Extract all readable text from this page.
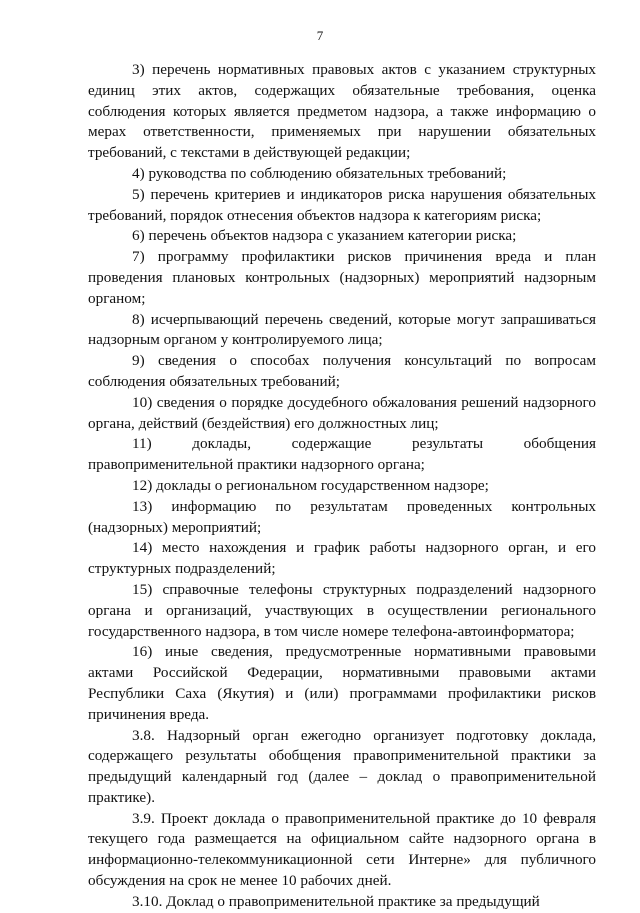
7

3) перечень нормативных правовых актов с указанием структурных единиц этих актов, содержащих обязательные требования, оценка соблюдения которых является предметом надзора, а также информацию о мерах ответственности, применяемых при нарушении обязательных требований, с текстами в действующей редакции;

4) руководства по соблюдению обязательных требований;

5) перечень критериев и индикаторов риска нарушения обязательных требований, порядок отнесения объектов надзора к категориям риска;

6) перечень объектов надзора с указанием категории риска;

7) программу профилактики рисков причинения вреда и план проведения плановых контрольных (надзорных) мероприятий надзорным органом;

8) исчерпывающий перечень сведений, которые могут запрашиваться надзорным органом у контролируемого лица;

9) сведения о способах получения консультаций по вопросам соблюдения обязательных требований;

10) сведения о порядке досудебного обжалования решений надзорного органа, действий (бездействия) его должностных лиц;

11) доклады, содержащие результаты обобщения правоприменительной практики надзорного органа;

12) доклады о региональном государственном надзоре;

13) информацию по результатам проведенных контрольных (надзорных) мероприятий;

14) место нахождения и график работы надзорного орган, и его структурных подразделений;

15) справочные телефоны структурных подразделений надзорного органа и организаций, участвующих в осуществлении регионального государственного надзора, в том числе номере телефона-автоинформатора;

16) иные сведения, предусмотренные нормативными правовыми актами Российской Федерации, нормативными правовыми актами Республики Саха (Якутия) и (или) программами профилактики рисков причинения вреда.

3.8. Надзорный орган ежегодно организует подготовку доклада, содержащего результаты обобщения правоприменительной практики за предыдущий календарный год (далее – доклад о правоприменительной практике).

3.9. Проект доклада о правоприменительной практике до 10 февраля текущего года размещается на официальном сайте надзорного органа в информационно-телекоммуникационной сети Интерне» для публичного обсуждения на срок не менее 10 рабочих дней.

3.10. Доклад о правоприменительной практике за предыдущий
